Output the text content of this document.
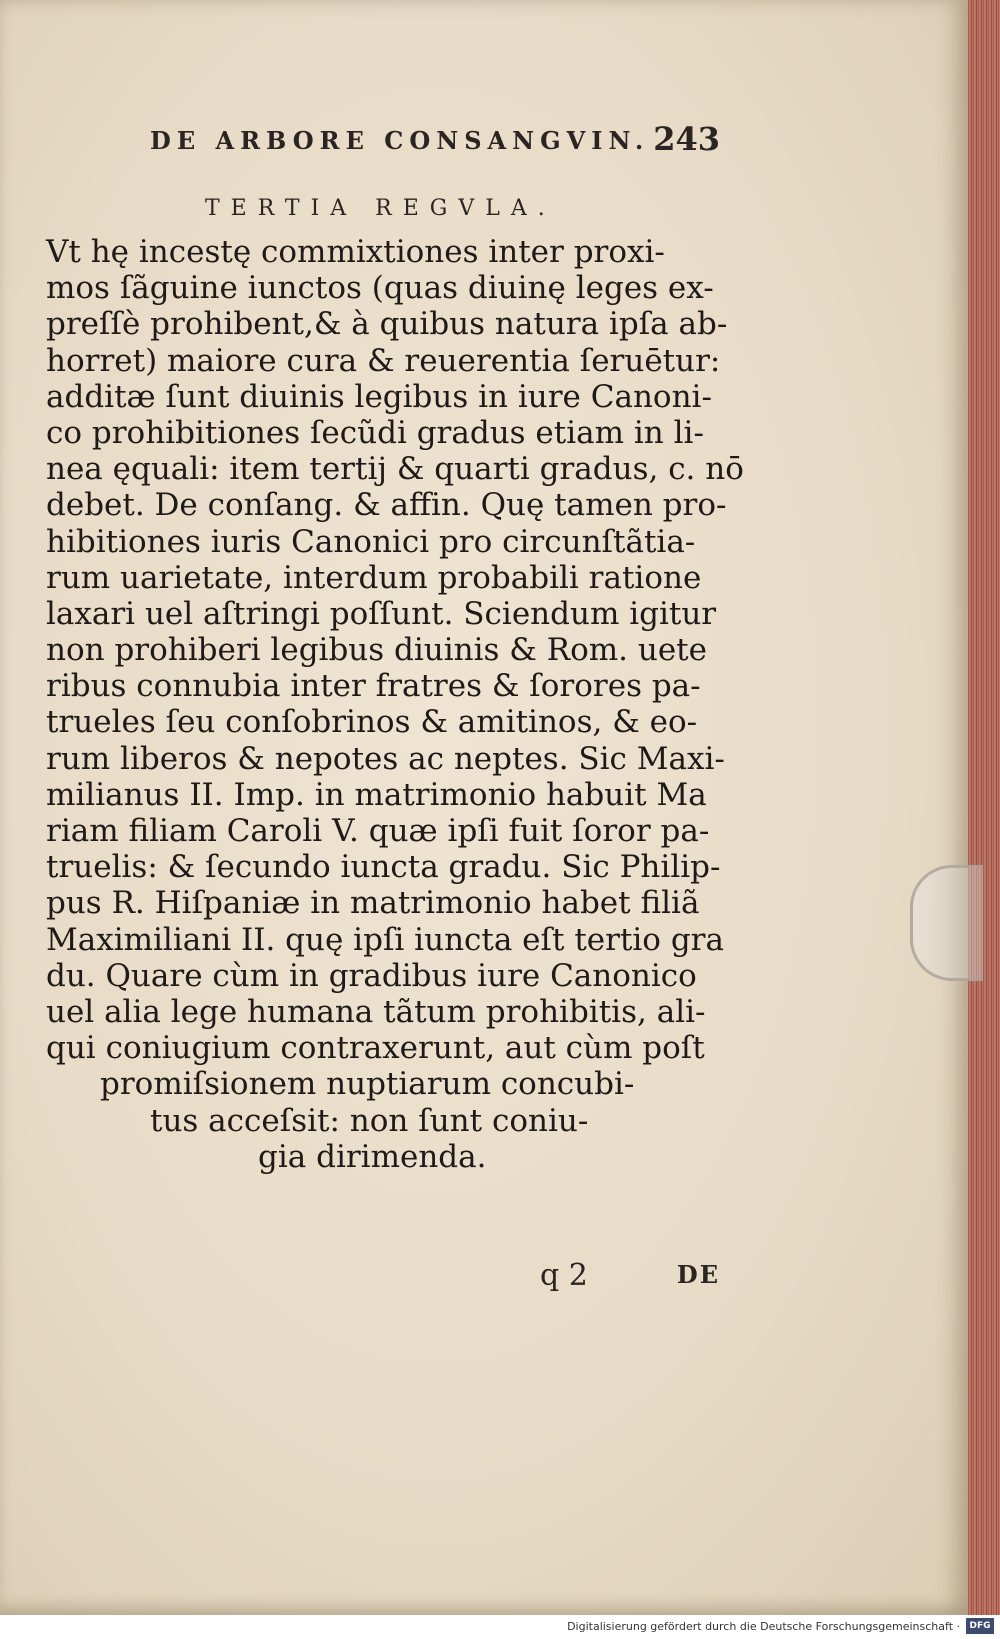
DE ARBORE CONSANGVIN. 243
TERTIA REGVLA.
Vt hę incestę commixtiones inter proxi-
mos ſãguine iunctos (quas diuinę leges ex-
preſſè prohibent,& à quibus natura ipſa ab-
horret) maiore cura & reuerentia ſeruētur:
additæ ſunt diuinis legibus in iure Canoni-
co prohibitiones ſecũdi gradus etiam in li-
nea ęquali: item tertij & quarti gradus, c. nō
debet. De conſang. & affin. Quę tamen pro-
hibitiones iuris Canonici pro circunſtãtia-
rum uarietate, interdum probabili ratione
laxari uel aſtringi poſſunt. Sciendum igitur
non prohiberi legibus diuinis & Rom. uete
ribus connubia inter fratres & ſorores pa-
trueles ſeu conſobrinos & amitinos, & eo-
rum liberos & nepotes ac neptes. Sic Maxi-
milianus II. Imp. in matrimonio habuit Ma
riam filiam Caroli V. quæ ipſi fuit ſoror pa-
truelis: & ſecundo iuncta gradu. Sic Philip-
pus R. Hiſpaniæ in matrimonio habet filiã
Maximiliani II. quę ipſi iuncta eſt tertio gra
du. Quare cùm in gradibus iure Canonico
uel alia lege humana tãtum prohibitis, ali-
qui coniugium contraxerunt, aut cùm poſt
promiſsionem nuptiarum concubi-
tus acceſsit: non ſunt coniu-
gia dirimenda.
q 2	DE
Digitalisierung gefördert durch die Deutsche Forschungsgemeinschaft ·	DFG
